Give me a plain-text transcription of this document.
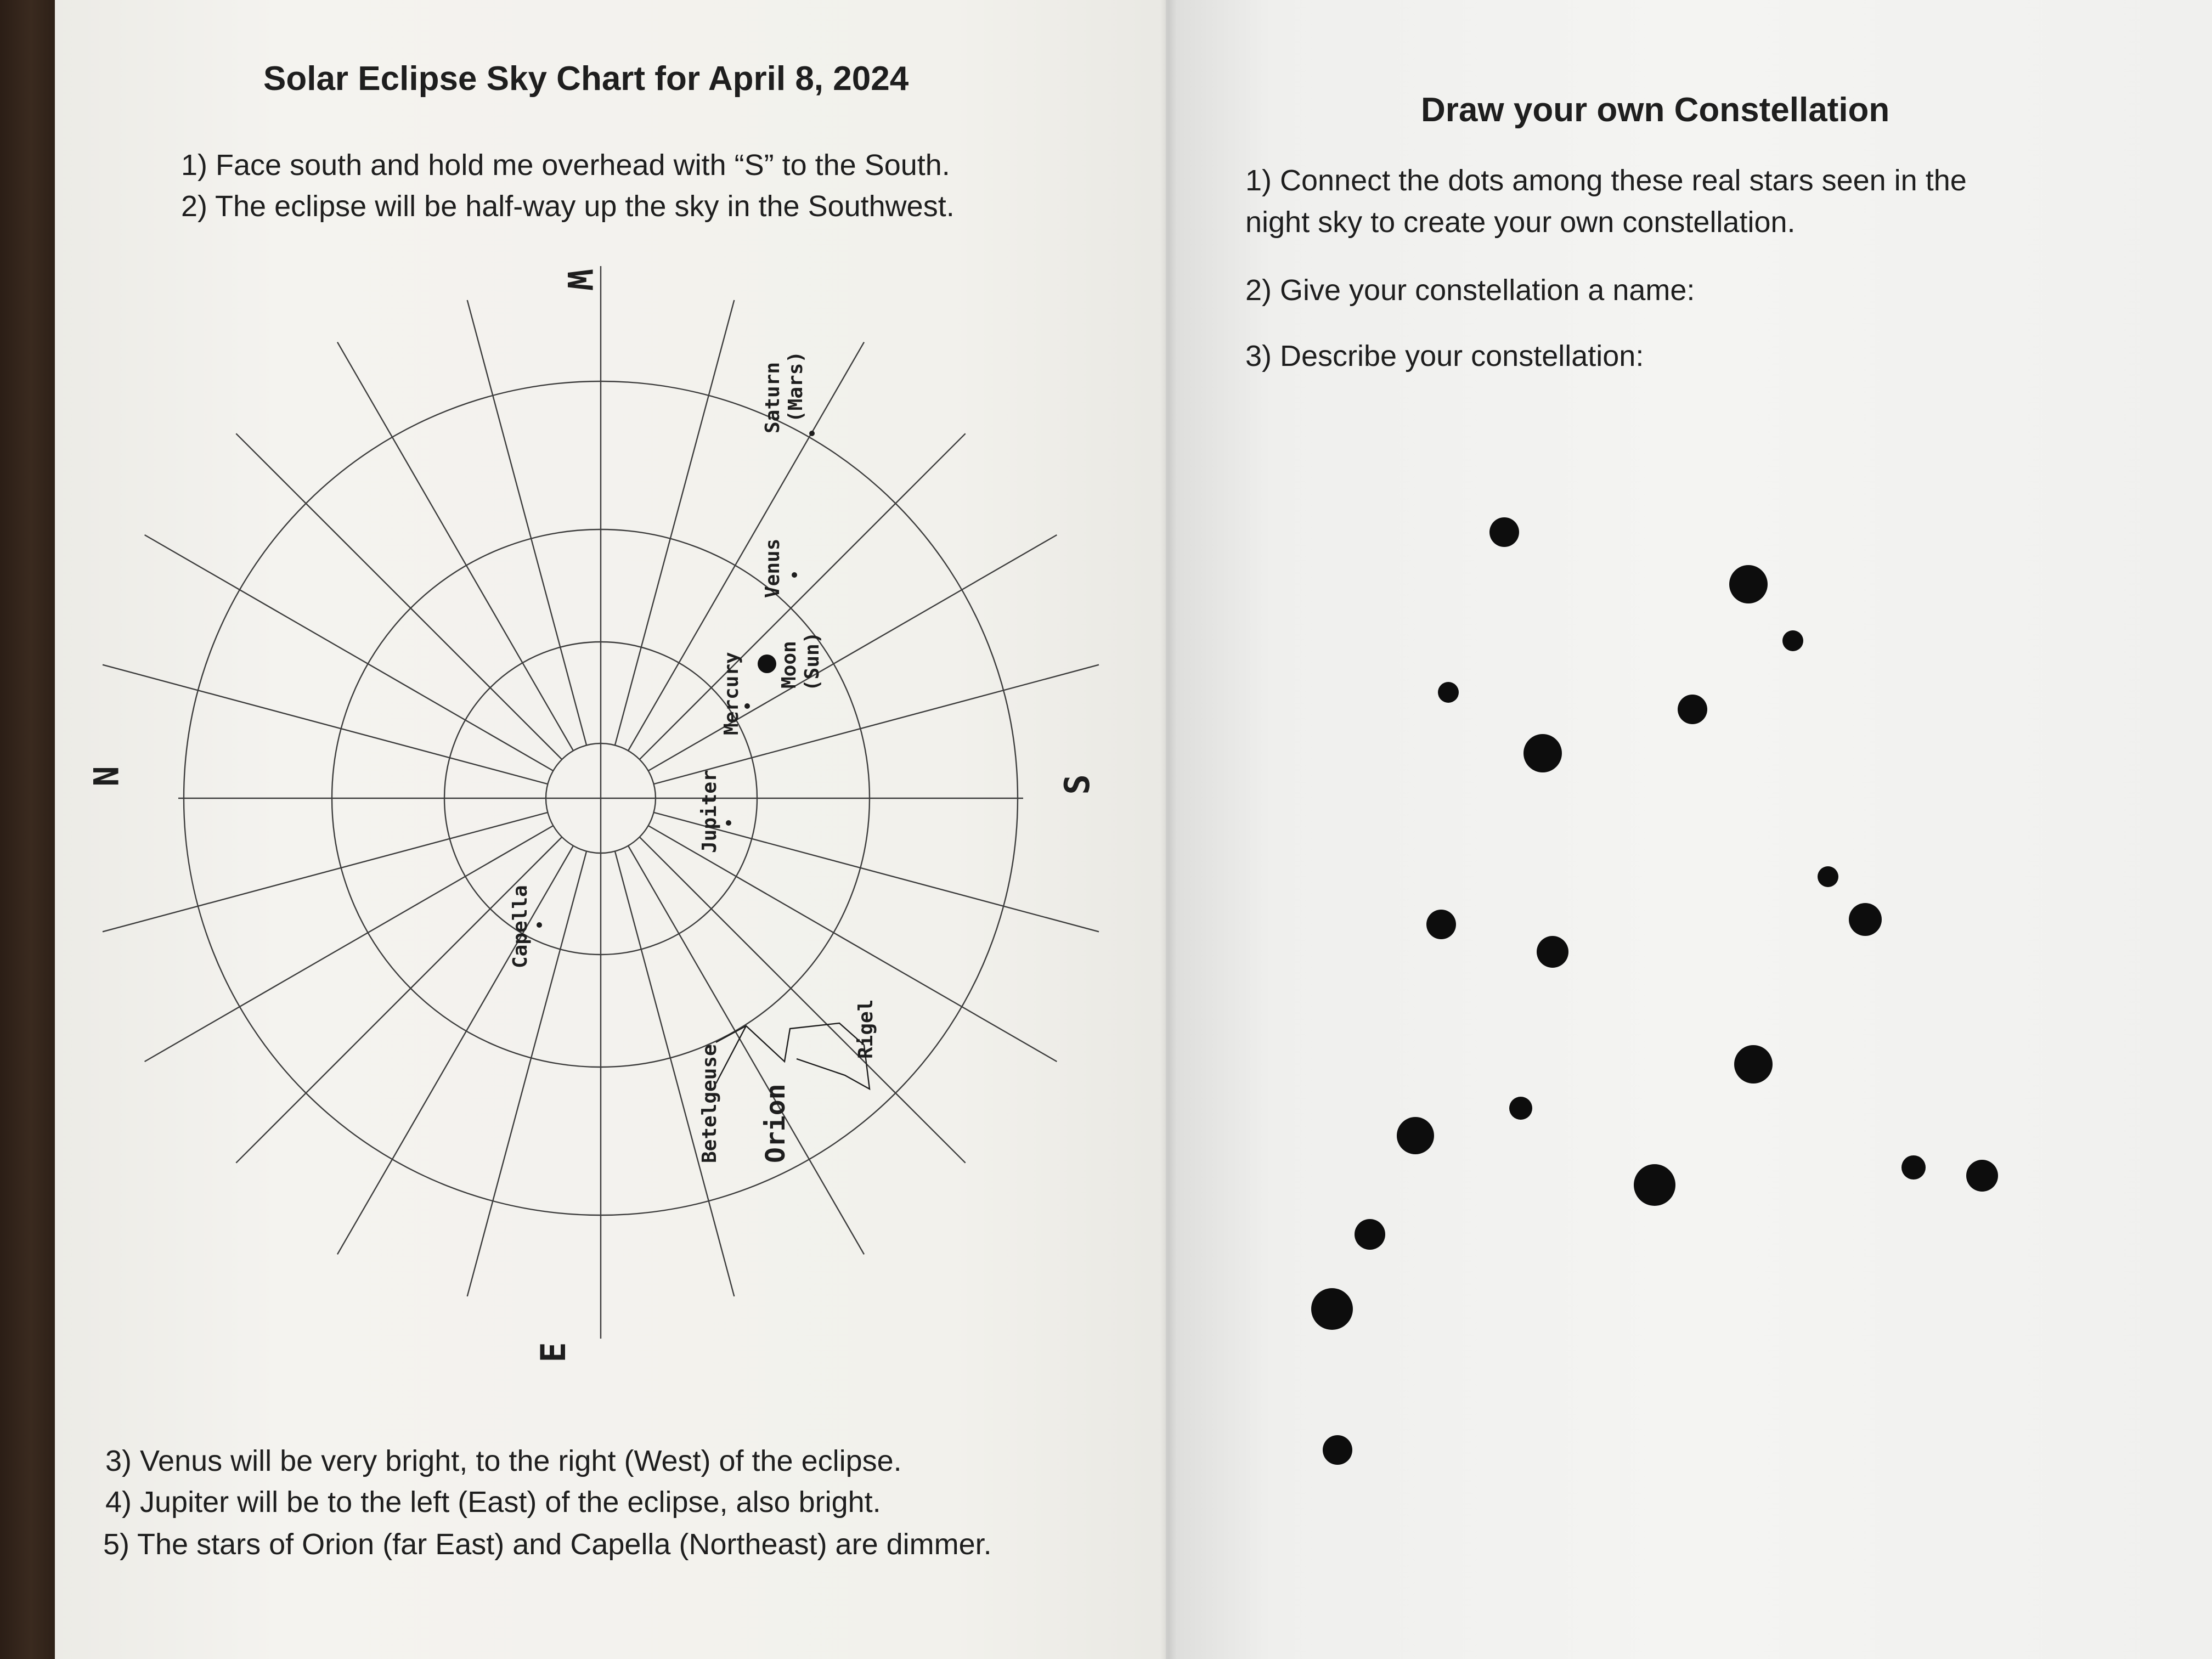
Solar Eclipse Sky Chart for April 8, 2024
1) Face south and hold me overhead with “S” to the South.
2) The eclipse will be half-way up the sky in the Southwest.
W
N	S
E
Saturn (Mars)
Venus
Mercury Moon (Sun)
Jupiter
Capella
Betelgeuse Orion
Rigel
3) Venus will be very bright, to the right (West) of the eclipse.
4) Jupiter will be to the left (East) of the eclipse, also bright.
5) The stars of Orion (far East) and Capella (Northeast) are dimmer.
Draw your own Constellation
1) Connect the dots among these real stars seen in the
night sky to create your own constellation.
2) Give your constellation a name:
3) Describe your constellation:
